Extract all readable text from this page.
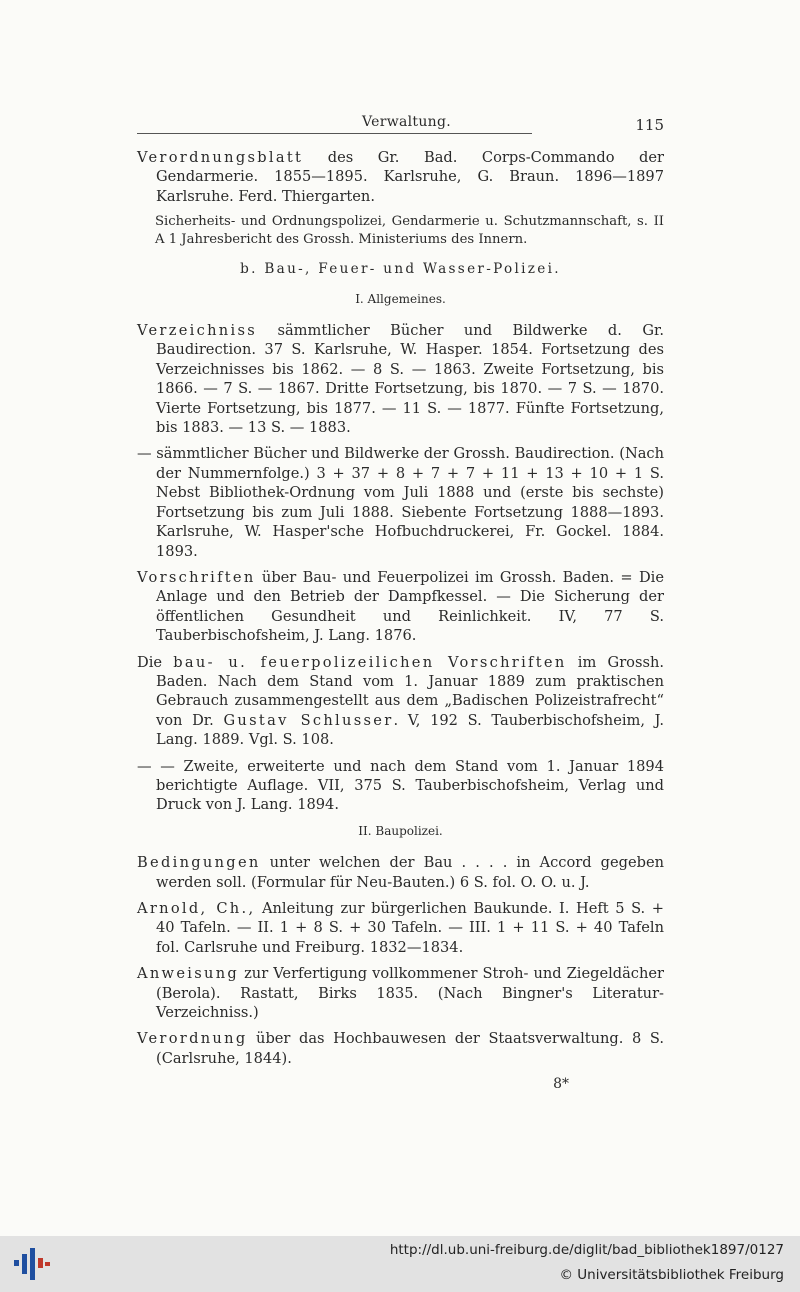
Verwaltung.	115

Verordnungsblatt des Gr. Bad. Corps-Commando der Gendarmerie. 1855—1895. Karlsruhe, G. Braun. 1896—1897 Karlsruhe. Ferd. Thiergarten.

Sicherheits- und Ordnungspolizei, Gendarmerie u. Schutzmannschaft, s. II A 1 Jahresbericht des Grossh. Ministeriums des Innern.

b. Bau-, Feuer- und Wasser-Polizei.
I. Allgemeines.

Verzeichniss sämmtlicher Bücher und Bildwerke d. Gr. Baudirection. 37 S. Karlsruhe, W. Hasper. 1854. Fortsetzung des Verzeichnisses bis 1862. — 8 S. — 1863. Zweite Fortsetzung, bis 1866. — 7 S. — 1867. Dritte Fortsetzung, bis 1870. — 7 S. — 1870. Vierte Fortsetzung, bis 1877. — 11 S. — 1877. Fünfte Fortsetzung, bis 1883. — 13 S. — 1883.

— sämmtlicher Bücher und Bildwerke der Grossh. Baudirection. (Nach der Nummernfolge.) 3 + 37 + 8 + 7 + 7 + 11 + 13 + 10 + 1 S. Nebst Bibliothek-Ordnung vom Juli 1888 und (erste bis sechste) Fortsetzung bis zum Juli 1888. Siebente Fortsetzung 1888—1893. Karlsruhe, W. Hasper'sche Hofbuchdruckerei, Fr. Gockel. 1884. 1893.

Vorschriften über Bau- und Feuerpolizei im Grossh. Baden. = Die Anlage und den Betrieb der Dampfkessel. — Die Sicherung der öffentlichen Gesundheit und Reinlichkeit. IV, 77 S. Tauberbischofsheim, J. Lang. 1876.

Die bau- u. feuerpolizeilichen Vorschriften im Grossh. Baden. Nach dem Stand vom 1. Januar 1889 zum praktischen Gebrauch zusammengestellt aus dem „Badischen Polizeistrafrecht“ von Dr. Gustav Schlusser. V, 192 S. Tauberbischofsheim, J. Lang. 1889. Vgl. S. 108.

— — Zweite, erweiterte und nach dem Stand vom 1. Januar 1894 berichtigte Auflage. VII, 375 S. Tauberbischofsheim, Verlag und Druck von J. Lang. 1894.

II. Baupolizei.

Bedingungen unter welchen der Bau . . . . in Accord gegeben werden soll. (Formular für Neu-Bauten.) 6 S. fol. O. O. u. J.

Arnold, Ch., Anleitung zur bürgerlichen Baukunde. I. Heft 5 S. + 40 Tafeln. — II. 1 + 8 S. + 30 Tafeln. — III. 1 + 11 S. + 40 Tafeln fol. Carlsruhe und Freiburg. 1832—1834.

Anweisung zur Verfertigung vollkommener Stroh- und Ziegeldächer (Berola). Rastatt, Birks 1835. (Nach Bingner's Literatur-Verzeichniss.)

Verordnung über das Hochbauwesen der Staatsverwaltung. 8 S. (Carlsruhe, 1844).

8*
http://dl.ub.uni-freiburg.de/diglit/bad_bibliothek1897/0127
© Universitätsbibliothek Freiburg
